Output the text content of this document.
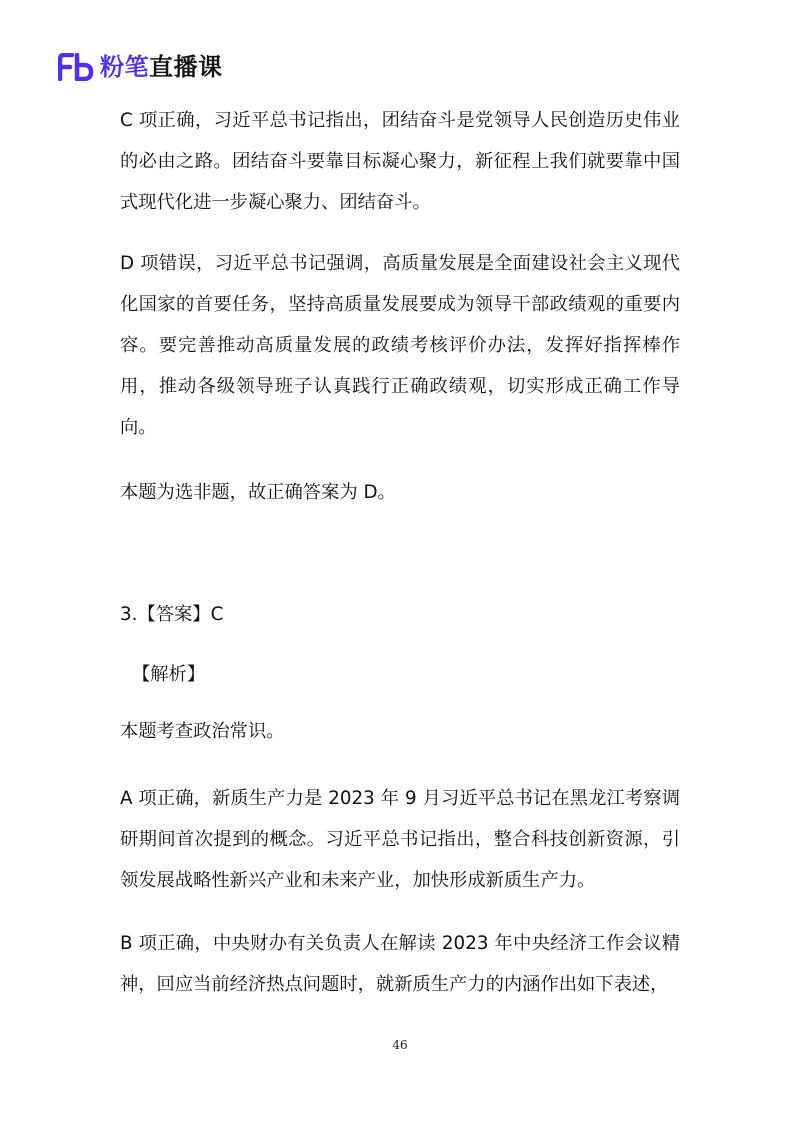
粉笔直播课

C 项正确，习近平总书记指出，团结奋斗是党领导人民创造历史伟业的必由之路。团结奋斗要靠目标凝心聚力，新征程上我们就要靠中国式现代化进一步凝心聚力、团结奋斗。

D 项错误，习近平总书记强调，高质量发展是全面建设社会主义现代化国家的首要任务，坚持高质量发展要成为领导干部政绩观的重要内容。要完善推动高质量发展的政绩考核评价办法，发挥好指挥棒作用，推动各级领导班子认真践行正确政绩观，切实形成正确工作导向。

本题为选非题，故正确答案为 D。

3.【答案】C

【解析】

本题考查政治常识。

A 项正确，新质生产力是 2023 年 9 月习近平总书记在黑龙江考察调研期间首次提到的概念。习近平总书记指出，整合科技创新资源，引领发展战略性新兴产业和未来产业，加快形成新质生产力。

B 项正确，中央财办有关负责人在解读 2023 年中央经济工作会议精神，回应当前经济热点问题时，就新质生产力的内涵作出如下表述，

46
